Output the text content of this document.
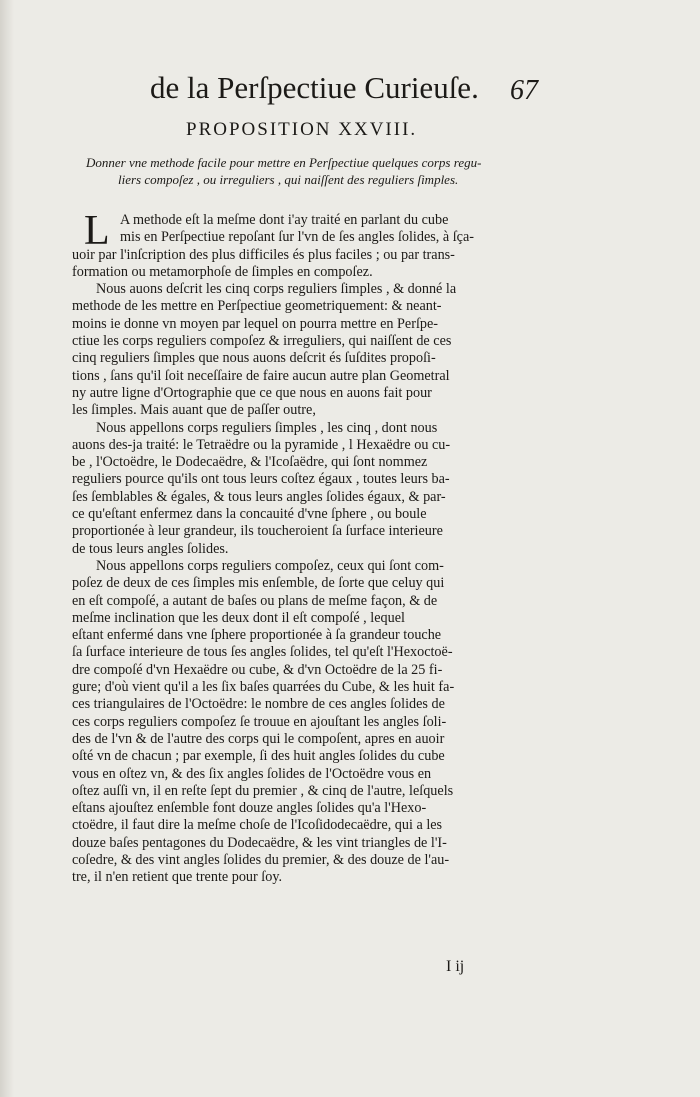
de la Perſpectiue Curieuſe.	67
PROPOSITION XXVIII.
Donner vne methode facile pour mettre en Perſpectiue quelques corps regu-
liers compoſez , ou irreguliers , qui naiſſent des reguliers ſimples.
L A methode eſt la meſme dont i'ay traité en parlant du cube
mis en Perſpectiue repoſant ſur l'vn de ſes angles ſolides, à ſça-
uoir par l'inſcription des plus difficiles és plus faciles ; ou par trans-
formation ou metamorphoſe de ſimples en compoſez.
Nous auons deſcrit les cinq corps reguliers ſimples , & donné la
methode de les mettre en Perſpectiue geometriquement: & neant-
moins ie donne vn moyen par lequel on pourra mettre en Perſpe-
ctiue les corps reguliers compoſez & irreguliers, qui naiſſent de ces
cinq reguliers ſimples que nous auons deſcrit és ſuſdites propoſi-
tions , ſans qu'il ſoit neceſſaire de faire aucun autre plan Geometral
ny autre ligne d'Ortographie que ce que nous en auons fait pour
les ſimples. Mais auant que de paſſer outre,
Nous appellons corps reguliers ſimples , les cinq , dont nous
auons des-ja traité: le Tetraëdre ou la pyramide , l Hexaëdre ou cu-
be , l'Octoëdre, le Dodecaëdre, & l'Icoſaëdre, qui ſont nommez
reguliers pource qu'ils ont tous leurs coſtez égaux , toutes leurs ba-
ſes ſemblables & égales, & tous leurs angles ſolides égaux, & par-
ce qu'eſtant enfermez dans la concauité d'vne ſphere , ou boule
proportionée à leur grandeur, ils toucheroient ſa ſurface interieure
de tous leurs angles ſolides.
Nous appellons corps reguliers compoſez, ceux qui ſont com-
poſez de deux de ces ſimples mis enſemble, de ſorte que celuy qui
en eſt compoſé, a autant de baſes ou plans de meſme façon, & de
meſme inclination que les deux dont il eſt compoſé , lequel
eſtant enfermé dans vne ſphere proportionée à ſa grandeur touche
ſa ſurface interieure de tous ſes angles ſolides, tel qu'eſt l'Hexoctoë-
dre compoſé d'vn Hexaëdre ou cube, & d'vn Octoëdre de la 25 fi-
gure; d'où vient qu'il a les ſix baſes quarrées du Cube, & les huit fa-
ces triangulaires de l'Octoëdre: le nombre de ces angles ſolides de
ces corps reguliers compoſez ſe trouue en ajouſtant les angles ſoli-
des de l'vn & de l'autre des corps qui le compoſent, apres en auoir
oſté vn de chacun ; par exemple, ſi des huit angles ſolides du cube
vous en oſtez vn, & des ſix angles ſolides de l'Octoëdre vous en
oſtez auſſi vn, il en reſte ſept du premier , & cinq de l'autre, leſquels
eſtans ajouſtez enſemble font douze angles ſolides qu'a l'Hexo-
ctoëdre, il faut dire la meſme choſe de l'Icoſidodecaëdre, qui a les
douze baſes pentagones du Dodecaëdre, & les vint triangles de l'I-
coſedre, & des vint angles ſolides du premier, & des douze de l'au-
tre, il n'en retient que trente pour ſoy.
I ij
